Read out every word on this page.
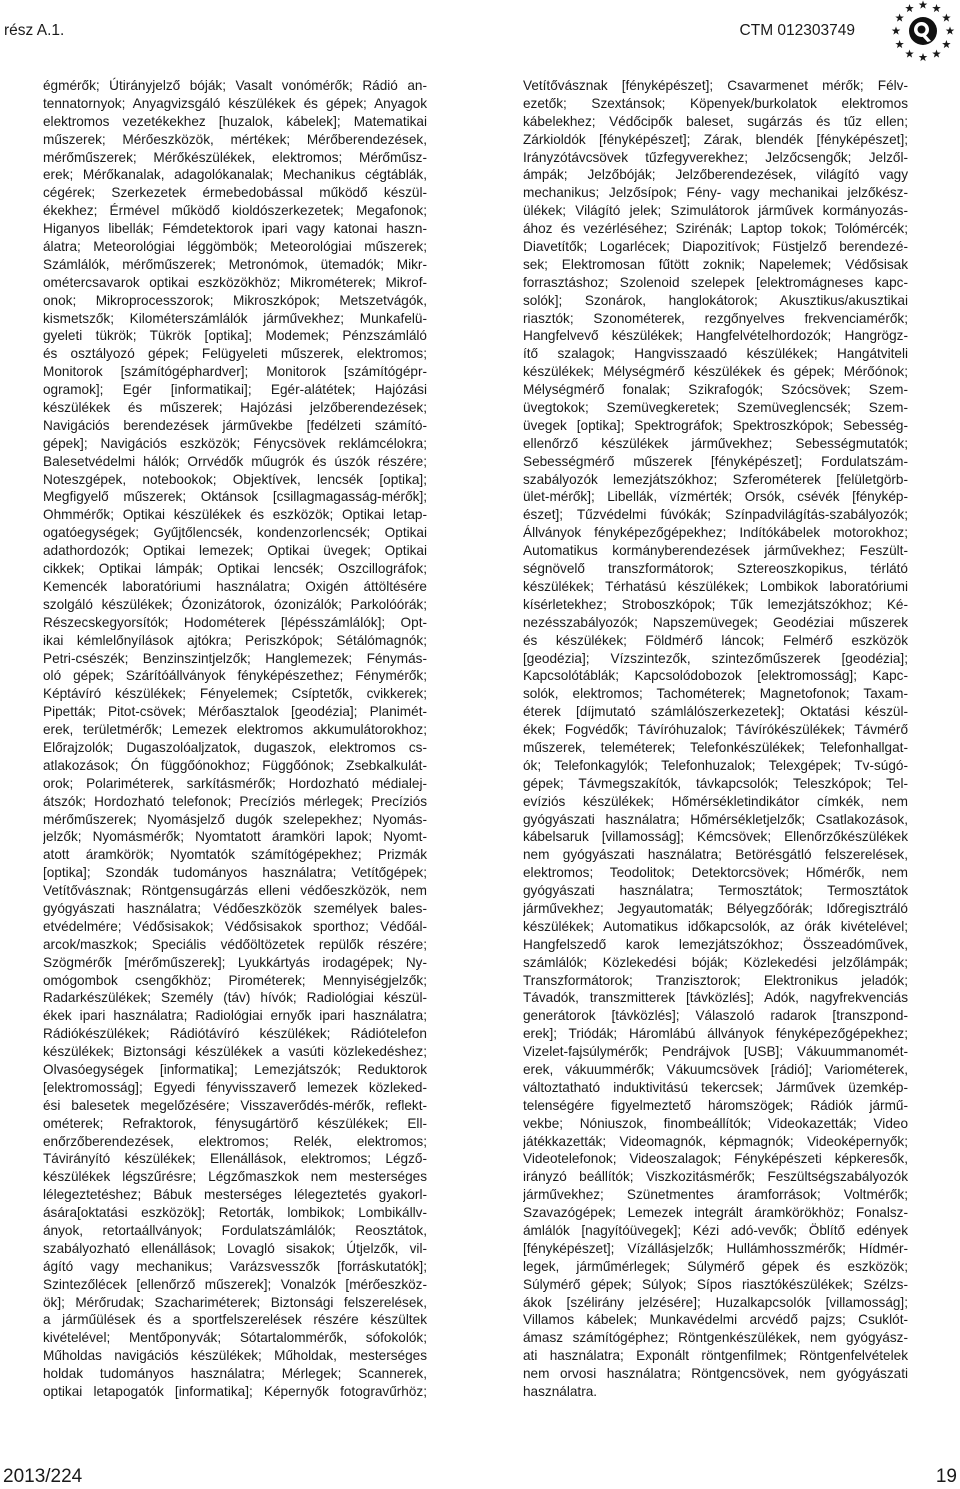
rész A.1.	CTM 012303749
égmérők; Útirányjelző bóják; Vasalt vonómérők; Rádió an-
tennatornyok; Anyagvizsgáló készülékek és gépek; Anyagok
elektromos vezetékekhez [huzalok, kábelek]; Matematikai
műszerek; Mérőeszközök, mértékek; Mérőberendezések,
mérőműszerek; Mérőkészülékek, elektromos; Mérőműsz-
erek; Mérőkanalak, adagolókanalak; Mechanikus cégtáblák,
cégérek; Szerkezetek érmebedobással működő készül-
ékekhez; Érmével működő kioldószerkezetek; Megafonok;
Higanyos libellák; Fémdetektorok ipari vagy katonai haszn-
álatra; Meteorológiai léggömbök; Meteorológiai műszerek;
Számlálók, mérőműszerek; Metronómok, ütemadók; Mikr-
ométercsavarok optikai eszközökhöz; Mikrométerek; Mikrof-
onok; Mikroprocesszorok; Mikroszkópok; Metszetvágók,
kismetszők; Kilométerszámlálók járművekhez; Munkafelü-
gyeleti tükrök; Tükrök [optika]; Modemek; Pénzszámláló
és osztályozó gépek; Felügyeleti műszerek, elektromos;
Monitorok [számítógéphardver]; Monitorok [számítógépr-
ogramok]; Egér [informatikai]; Egér-alátétek; Hajózási
készülékek és műszerek; Hajózási jelzőberendezések;
Navigációs berendezések járművekbe [fedélzeti számító-
gépek]; Navigációs eszközök; Fénycsövek reklámcélokra;
Balesetvédelmi hálók; Orrvédők műugrók és úszók részére;
Noteszgépek, notebookok; Objektívek, lencsék [optika];
Megfigyelő műszerek; Oktánsok [csillagmagasság-mérők];
Ohmmérők; Optikai készülékek és eszközök; Optikai letap-
ogatóegységek; Gyűjtőlencsék, kondenzorlencsék; Optikai
adathordozók; Optikai lemezek; Optikai üvegek; Optikai
cikkek; Optikai lámpák; Optikai lencsék; Oszcillográfok;
Kemencék laboratóriumi használatra; Oxigén áttöltésére
szolgáló készülékek; Ózonizátorok, ózonizálók; Parkolóórák;
Részecskegyorsítók; Hodométerek [lépésszámlálók]; Opt-
ikai kémlelőnyílások ajtókra; Periszkópok; Sétálómagnók;
Petri-csészék; Benzinszintjelzők; Hanglemezek; Fénymás-
oló gépek; Szárítóállványok fényképészethez; Fénymérők;
Képtávíró készülékek; Fényelemek; Csíptetők, cvikkerek;
Pipetták; Pitot-csövek; Mérőasztalok [geodézia]; Planimét-
erek, területmérők; Lemezek elektromos akkumulátorokhoz;
Előrajzolók; Dugaszolóaljzatok, dugaszok, elektromos cs-
atlakozások; Ón függőónokhoz; Függőónok; Zsebkalkulát-
orok; Polariméterek, sarkításmérők; Hordozható médialej-
átszók; Hordozható telefonok; Precíziós mérlegek; Precíziós
mérőműszerek; Nyomásjelző dugók szelepekhez; Nyomás-
jelzők; Nyomásmérők; Nyomtatott áramköri lapok; Nyomt-
atott áramkörök; Nyomtatók számítógépekhez; Prizmák
[optika]; Szondák tudományos használatra; Vetítőgépek;
Vetítővásznak; Röntgensugárzás elleni védőeszközök, nem
gyógyászati használatra; Védőeszközök személyek bales-
etvédelmére; Védősisakok; Védősisakok sporthoz; Védőál-
arcok/maszkok; Speciális védőöltözetek repülők részére;
Szögmérők [mérőműszerek]; Lyukkártyás irodagépek; Ny-
omógombok csengőkhöz; Pirométerek; Mennyiségjelzők;
Radarkészülékek; Személy (táv) hívók; Radiológiai készül-
ékek ipari használatra; Radiológiai ernyők ipari használatra;
Rádiókészülékek; Rádiótávíró készülékek; Rádiótelefon
készülékek; Biztonsági készülékek a vasúti közlekedéshez;
Olvasóegységek [informatika]; Lemezjátszók; Reduktorok
[elektromosság]; Egyedi fényvisszaverő lemezek közleked-
ési balesetek megelőzésére; Visszaverődés-mérők, reflekt-
ométerek; Refraktorok, fénysugártörő készülékek; Ell-
enőrzőberendezések, elektromos; Relék, elektromos;
Távirányító készülékek; Ellenállások, elektromos; Légző-
készülékek légszűrésre; Légzőmaszkok nem mesterséges
lélegeztetéshez; Bábuk mesterséges lélegeztetés gyakorl-
ására[oktatási eszközök]; Retorták, lombikok; Lombikállv-
ányok, retortaállványok; Fordulatszámlálók; Reosztátok,
szabályozható ellenállások; Lovagló sisakok; Útjelzők, vil-
ágító vagy mechanikus; Varázsvesszők [forráskutatók];
Szintezőlécek [ellenőrző műszerek]; Vonalzók [mérőeszköz-
ök]; Mérőrudak; Szachariméterek; Biztonsági felszerelések,
a járműülések és a sportfelszerelések részére készültek
kivételével; Mentőponyvák; Sótartalommérők, sófokolók;
Műholdas navigációs készülékek; Műholdak, mesterséges
holdak tudományos használatra; Mérlegek; Scannerek,
optikai letapogatók [informatika]; Képernyők fotogravűrhöz;
Vetítővásznak [fényképészet]; Csavarmenet mérők; Félv-
ezetők; Szextánsok; Köpenyek/burkolatok elektromos
kábelekhez; Védőcipők baleset, sugárzás és tűz ellen;
Zárkioldók [fényképészet]; Zárak, blendék [fényképészet];
Irányzótávcsövek tűzfegyverekhez; Jelzőcsengők; Jelzől-
ámpák; Jelzőbóják; Jelzőberendezések, világító vagy
mechanikus; Jelzősípok; Fény- vagy mechanikai jelzőkész-
ülékek; Világító jelek; Szimulátorok járművek kormányozás-
ához és vezérléséhez; Szirénák; Laptop tokok; Tolómércék;
Diavetítők; Logarlécek; Diapozitívok; Füstjelző berendezé-
sek; Elektromosan fűtött zoknik; Napelemek; Védősisak
forrasztáshoz; Szolenoid szelepek [elektromágneses kapc-
solók]; Szonárok, hanglokátorok; Akusztikus/akusztikai
riasztók; Szonométerek, rezgőnyelves frekvenciamérők;
Hangfelvevő készülékek; Hangfelvételhordozók; Hangrögz-
ítő szalagok; Hangvisszaadó készülékek; Hangátviteli
készülékek; Mélységmérő készülékek és gépek; Mérőónok;
Mélységmérő fonalak; Szikrafogók; Szócsövek; Szem-
üvegtokok; Szemüvegkeretek; Szemüveglencsék; Szem-
üvegek [optika]; Spektrográfok; Spektroszkópok; Sebesség-
ellenőrző készülékek járművekhez; Sebességmutatók;
Sebességmérő műszerek [fényképészet]; Fordulatszám-
szabályozók lemezjátszókhoz; Szferométerek [felületgörb-
ület-mérők]; Libellák, vízmérték; Orsók, csévék [fénykép-
észet]; Tűzvédelmi fúvókák; Színpadvilágítás-szabályozók;
Állványok fényképezőgépekhez; Indítókábelek motorokhoz;
Automatikus kormányberendezések járművekhez; Feszült-
ségnövelő transzformátorok; Sztereoszkopikus, térlátó
készülékek; Térhatású készülékek; Lombikok laboratóriumi
kísérletekhez; Stroboszkópok; Tűk lemezjátszókhoz; Ké-
nezésszabályozók; Napszemüvegek; Geodéziai műszerek
és készülékek; Földmérő láncok; Felmérő eszközök
[geodézia]; Vízszintezők, szintezőműszerek [geodézia];
Kapcsolótáblák; Kapcsolódobozok [elektromosság]; Kapc-
solók, elektromos; Tachométerek; Magnetofonok; Taxam-
éterek [díjmutató számlálószerkezetek]; Oktatási készül-
ékek; Fogvédők; Távíróhuzalok; Távírókészülékek; Távmérő
műszerek, teleméterek; Telefonkészülékek; Telefonhallgat-
ók; Telefonkagylók; Telefonhuzalok; Telexgépek; Tv-súgó-
gépek; Távmegszakítók, távkapcsolók; Teleszkópok; Tel-
evíziós készülékek; Hőmérsékletindikátor címkék, nem
gyógyászati használatra; Hőmérsékletjelzők; Csatlakozások,
kábelsaruk [villamosság]; Kémcsövek; Ellenőrzőkészülékek
nem gyógyászati használatra; Betörésgátló felszerelések,
elektromos; Teodolitok; Detektorcsövek; Hőmérők, nem
gyógyászati használatra; Termosztátok; Termosztátok
járművekhez; Jegyautomaták; Bélyegzőórák; Időregisztráló
készülékek; Automatikus időkapcsolók, az órák kivételével;
Hangfelszedő karok lemezjátszókhoz; Összeadóművek,
számlálók; Közlekedési bóják; Közlekedési jelzőlámpák;
Transzformátorok; Tranzisztorok; Elektronikus jeladók;
Távadók, transzmitterek [távközlés]; Adók, nagyfrekvenciás
generátorok [távközlés]; Válaszoló radarok [transzpond-
erek]; Triódák; Háromlábú állványok fényképezőgépekhez;
Vizelet-fajsúlymérők; Pendrájvok [USB]; Vákuummanomét-
erek, vákuummérők; Vákuumcsövek [rádió]; Variométerek,
változtatható induktivitású tekercsek; Járművek üzemkép-
telenségére figyelmeztető háromszögek; Rádiók jármű-
vekbe; Nóniuszok, finombeállítók; Videokazetták; Video
játékkazetták; Videomagnók, képmagnók; Videoképernyők;
Videotelefonok; Videoszalagok; Fényképészeti képkeresők,
irányzó beállítók; Viszkozitásmérők; Feszültségszabályozók
járművekhez; Szünetmentes áramforrások; Voltmérők;
Szavazógépek; Lemezek integrált áramkörökhöz; Fonalsz-
ámlálók [nagyítóüvegek]; Kézi adó-vevők; Öblítő edények
[fényképészet]; Vízállásjelzők; Hullámhosszmérők; Hídmér-
legek, járműmérlegek; Súlymérő gépek és eszközök;
Súlymérő gépek; Súlyok; Sípos riasztókészülékek; Szélzs-
ákok [szélirány jelzésére]; Huzalkapcsolók [villamosság];
Villamos kábelek; Munkavédelmi arcvédő pajzs; Csuklót-
ámasz számítógéphez; Röntgenkészülékek, nem gyógyász-
ati használatra; Exponált röntgenfilmek; Röntgenfelvételek
nem orvosi használatra; Röntgencsövek, nem gyógyászati
használatra.
2013/224	19
